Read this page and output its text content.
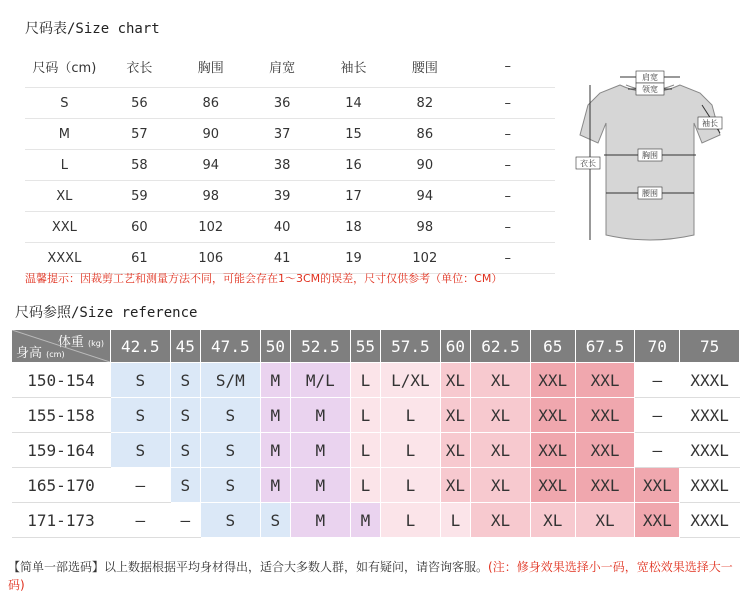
尺码表/Size chart
尺码（cm)	衣长	胸围	肩宽	袖长	腰围	–
S	56	86	36	14	82	–
M	57	90	37	15	86	–
L	58	94	38	16	90	–
XL	59	98	39	17	94	–
XXL	60	102	40	18	98	–
XXXL	61	106	41	19	102	–
温馨提示：因裁剪工艺和测量方法不同，可能会存在1～3CM的误差，尺寸仅供参考（单位：CM）
肩宽
领宽
袖长
衣长
胸围
腰围
尺码参照/Size reference
体重 (kg)
身高 (cm)	42.5	45	47.5	50	52.5	55	57.5	60	62.5	65	67.5	70	75
150-154	S	S	S/M	M	M/L	L	L/XL	XL	XL	XXL	XXL	–	XXXL
155-158	S	S	S	M	M	L	L	XL	XL	XXL	XXL	–	XXXL
159-164	S	S	S	M	M	L	L	XL	XL	XXL	XXL	–	XXXL
165-170	–	S	S	M	M	L	L	XL	XL	XXL	XXL	XXL	XXXL
171-173	–	–	S	S	M	M	L	L	XL	XL	XL	XXL	XXXL
【简单一部选码】以上数据根据平均身材得出，适合大多数人群，如有疑问，请咨询客服。(注：修身效果选择小一码，宽松效果选择大一码)
